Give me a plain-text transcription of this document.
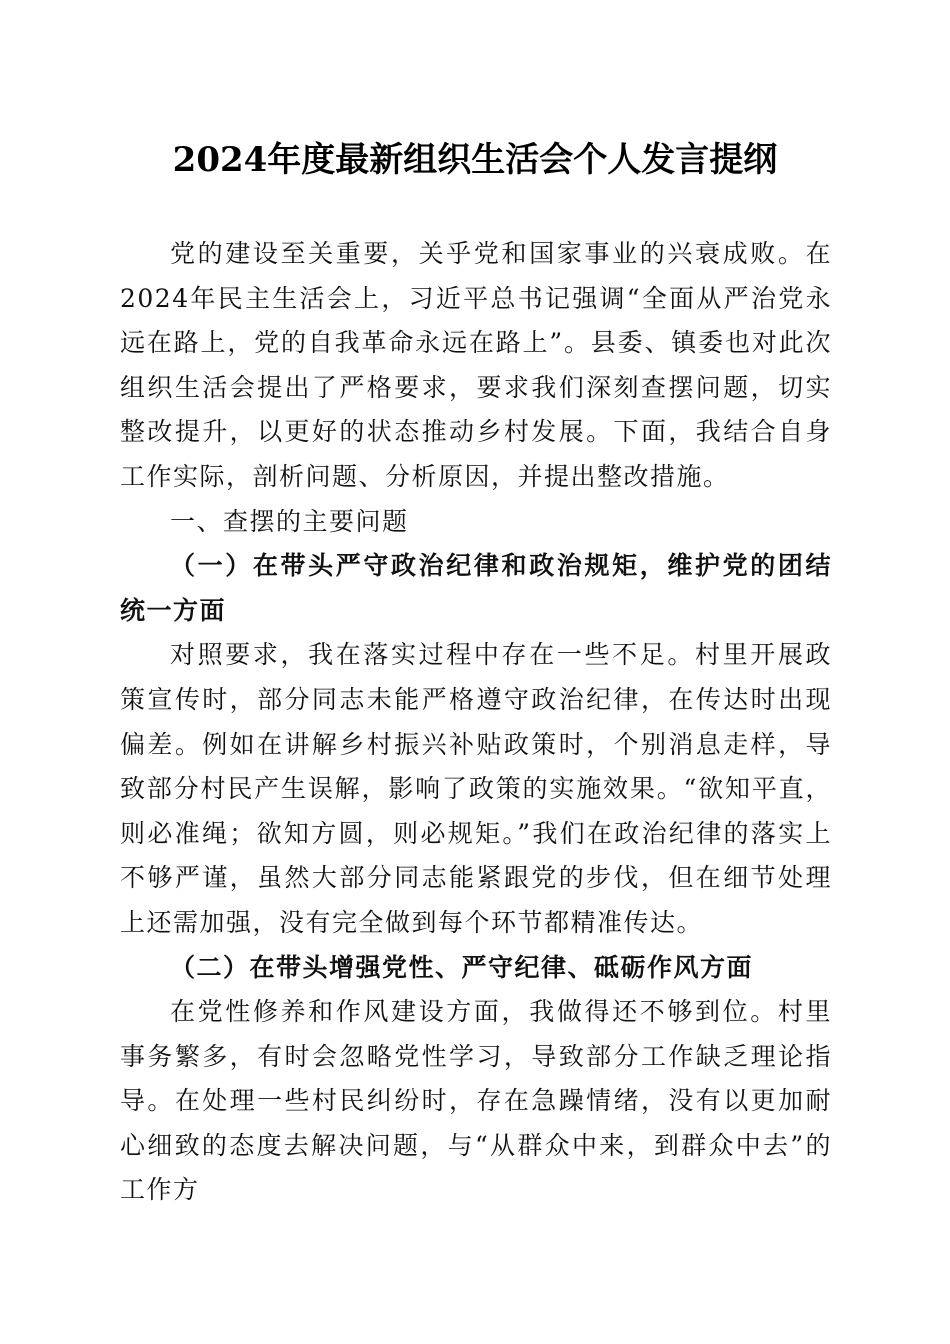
2024年度最新组织生活会个人发言提纲

党的建设至关重要，关乎党和国家事业的兴衰成败。在2024年民主生活会上，习近平总书记强调“全面从严治党永远在路上，党的自我革命永远在路上”。县委、镇委也对此次组织生活会提出了严格要求，要求我们深刻查摆问题，切实整改提升，以更好的状态推动乡村发展。下面，我结合自身工作实际，剖析问题、分析原因，并提出整改措施。

一、查摆的主要问题

（一）在带头严守政治纪律和政治规矩，维护党的团结统一方面

对照要求，我在落实过程中存在一些不足。村里开展政策宣传时，部分同志未能严格遵守政治纪律，在传达时出现偏差。例如在讲解乡村振兴补贴政策时，个别消息走样，导致部分村民产生误解，影响了政策的实施效果。“欲知平直，则必准绳；欲知方圆，则必规矩。”我们在政治纪律的落实上不够严谨，虽然大部分同志能紧跟党的步伐，但在细节处理上还需加强，没有完全做到每个环节都精准传达。

（二）在带头增强党性、严守纪律、砥砺作风方面

在党性修养和作风建设方面，我做得还不够到位。村里事务繁多，有时会忽略党性学习，导致部分工作缺乏理论指导。在处理一些村民纠纷时，存在急躁情绪，没有以更加耐心细致的态度去解决问题，与“从群众中来，到群众中去”的工作方
